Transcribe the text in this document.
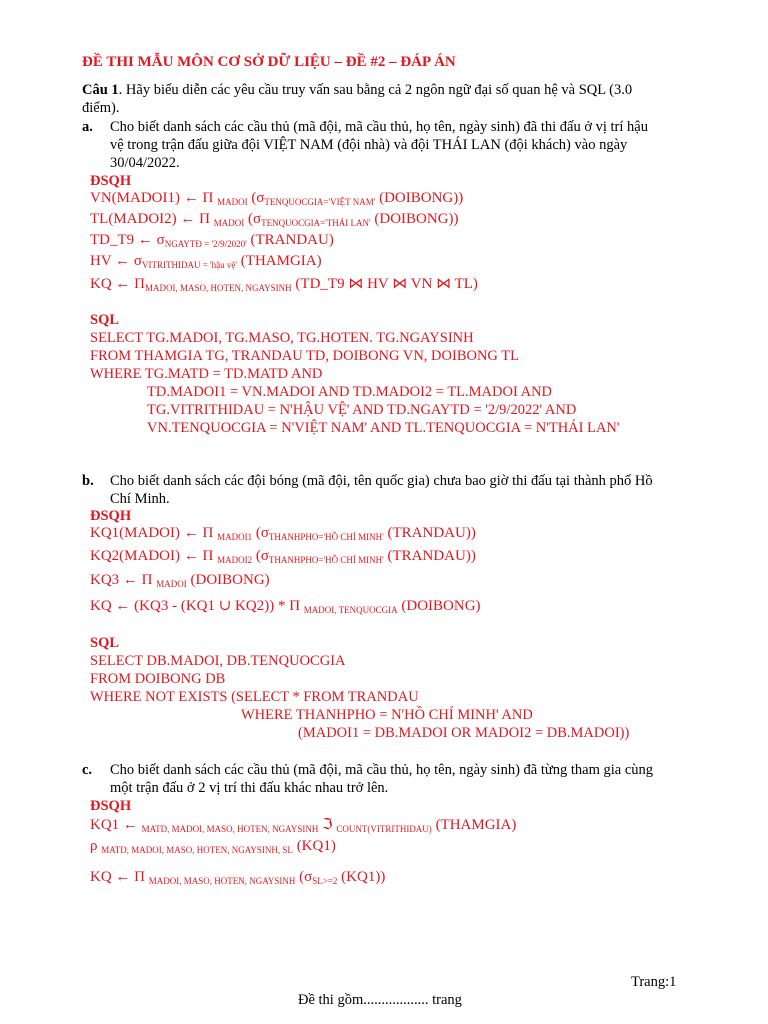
ĐỀ THI MẪU MÔN CƠ SỞ DỮ LIỆU – ĐỀ #2 – ĐÁP ÁN
Câu 1. Hãy biểu diễn các yêu cầu truy vấn sau bằng cả 2 ngôn ngữ đại số quan hệ và SQL (3.0
điểm).
a. Cho biết danh sách các cầu thủ (mã đội, mã cầu thủ, họ tên, ngày sinh) đã thi đấu ở vị trí hậu
vệ trong trận đấu giữa đội VIỆT NAM (đội nhà) và đội THÁI LAN (đội khách) vào ngày
30/04/2022.
ĐSQH
VN(MADOI1) ← Π $_{MADOI}$ ($\sigma_{TENQUOCGIA='VIỆT NAM'}$ (DOIBONG))
TL(MADOI2) ← Π $_{MADOI}$ ($\sigma_{TENQUOCGIA='THÁI LAN'}$ (DOIBONG))
TD_T9 ← $\sigma_{NGAYTĐ = '2/9/2020'}$ (TRANDAU)
HV ← $\sigma_{VITRITHIDAU = 'hậu vệ'}$ (THAMGIA)
KQ ← $\Pi_{MADOI, MASO, HOTEN, NGAYSINH}$ (TD_T9 ⋈ HV ⋈ VN ⋈ TL)
SQL
SELECT TG.MADOI, TG.MASO, TG.HOTEN. TG.NGAYSINH
FROM THAMGIA TG, TRANDAU TD, DOIBONG VN, DOIBONG TL
WHERE TG.MATD = TD.MATD AND
TD.MADOI1 = VN.MADOI AND TD.MADOI2 = TL.MADOI AND
TG.VITRITHIDAU = N'HẬU VỆ' AND TD.NGAYTD = '2/9/2022' AND
VN.TENQUOCGIA = N'VIỆT NAM' AND TL.TENQUOCGIA = N'THÁI LAN'
b. Cho biết danh sách các đội bóng (mã đội, tên quốc gia) chưa bao giờ thi đấu tại thành phố Hồ
Chí Minh.
ĐSQH
KQ1(MADOI) ← Π $_{MADOI1}$ ($\sigma_{THANHPHO='HỒ CHÍ MINH'}$ (TRANDAU))
KQ2(MADOI) ← Π $_{MADOI2}$ ($\sigma_{THANHPHO='HỒ CHÍ MINH'}$ (TRANDAU))
KQ3 ← Π $_{MADOI}$ (DOIBONG)
KQ ← (KQ3 - (KQ1 ∪ KQ2)) * Π $_{MADOI, TENQUOCGIA}$ (DOIBONG)
SQL
SELECT DB.MADOI, DB.TENQUOCGIA
FROM DOIBONG DB
WHERE NOT EXISTS (SELECT * FROM TRANDAU
WHERE THANHPHO = N'HỒ CHÍ MINH' AND
(MADOI1 = DB.MADOI OR MADOI2 = DB.MADOI))
c. Cho biết danh sách các cầu thủ (mã đội, mã cầu thủ, họ tên, ngày sinh) đã từng tham gia cùng
một trận đấu ở 2 vị trí thi đấu khác nhau trở lên.
ĐSQH
KQ1 ← $_{MATD, MADOI, MASO, HOTEN, NGAYSINH}$ ℑ $_{COUNT(VITRITHIDAU)}$ (THAMGIA)
ρ $_{MATD, MADOI, MASO, HOTEN, NGAYSINH, SL}$ (KQ1)
KQ ← Π $_{MADOI, MASO, HOTEN, NGAYSINH}$ ($\sigma_{SL>=2}$ (KQ1))
Trang:1
Đề thi gồm.................. trang
